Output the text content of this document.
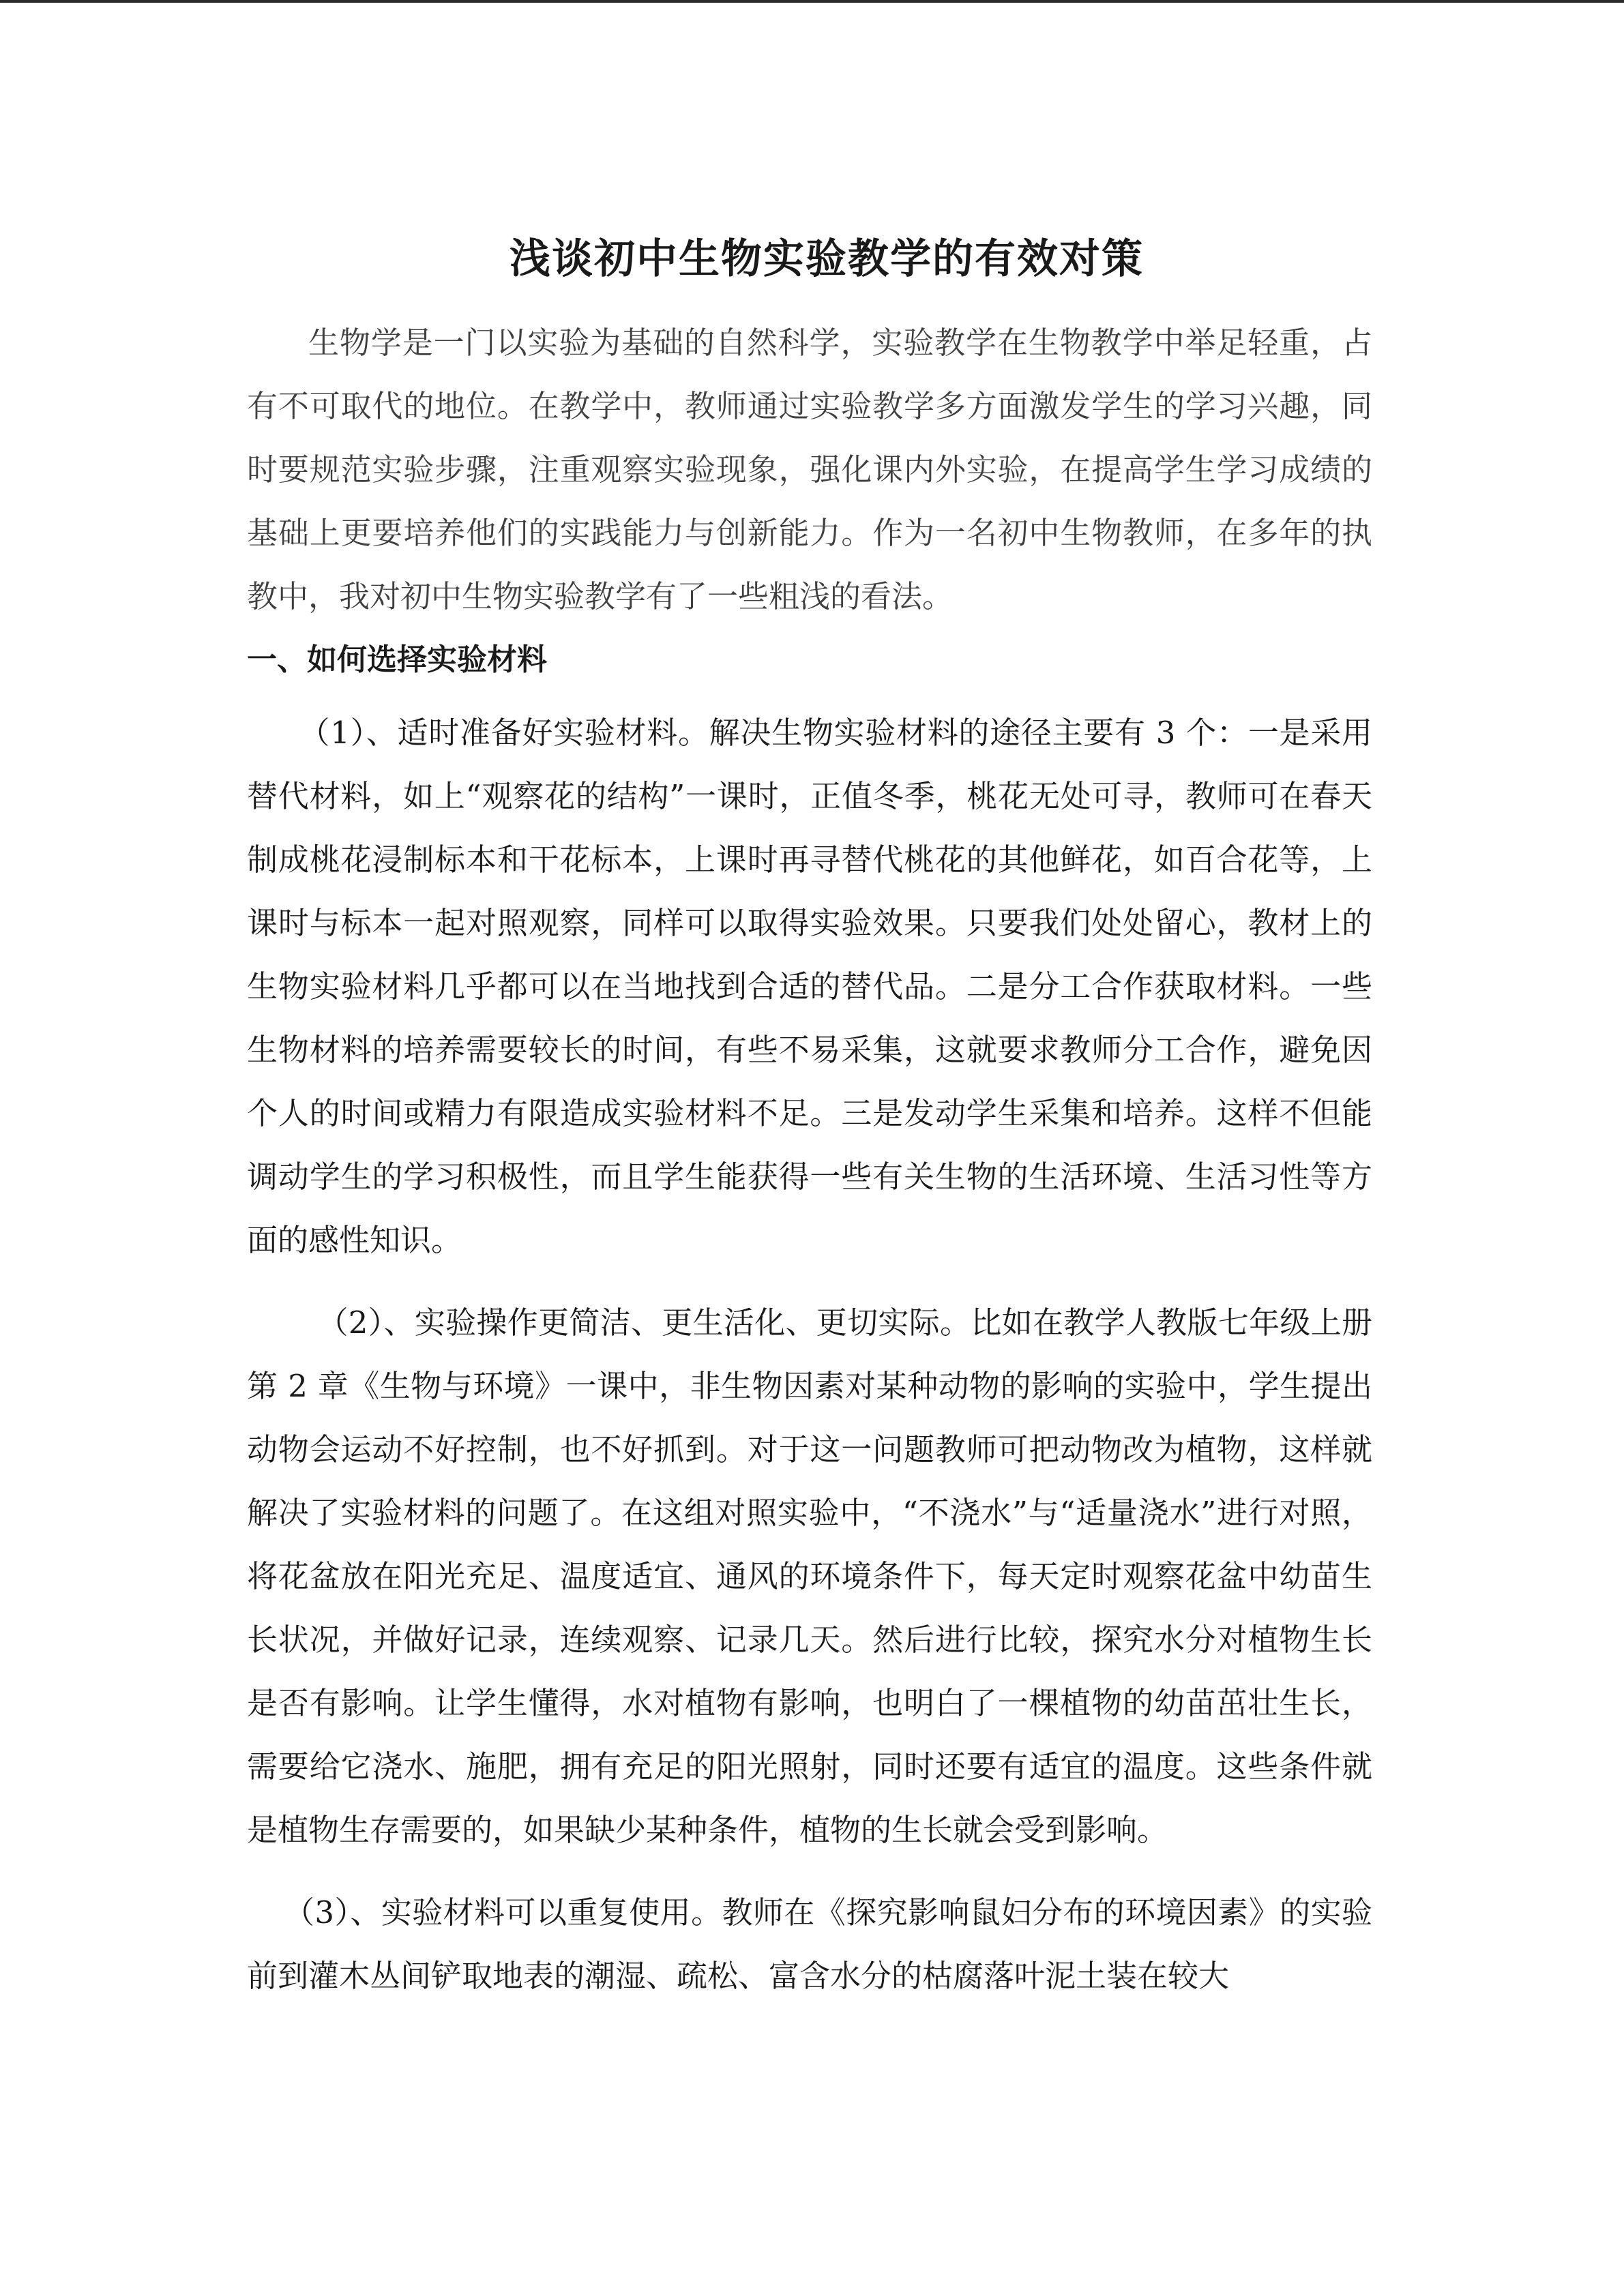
浅谈初中生物实验教学的有效对策

生物学是一门以实验为基础的自然科学，实验教学在生物教学中举足轻重，占有不可取代的地位。在教学中，教师通过实验教学多方面激发学生的学习兴趣，同时要规范实验步骤，注重观察实验现象，强化课内外实验，在提高学生学习成绩的基础上更要培养他们的实践能力与创新能力。作为一名初中生物教师，在多年的执教中，我对初中生物实验教学有了一些粗浅的看法。

一、如何选择实验材料

（1）、适时准备好实验材料。解决生物实验材料的途径主要有 3 个：一是采用替代材料，如上“观察花的结构”一课时，正值冬季，桃花无处可寻，教师可在春天制成桃花浸制标本和干花标本，上课时再寻替代桃花的其他鲜花，如百合花等，上课时与标本一起对照观察，同样可以取得实验效果。只要我们处处留心，教材上的生物实验材料几乎都可以在当地找到合适的替代品。二是分工合作获取材料。一些生物材料的培养需要较长的时间，有些不易采集，这就要求教师分工合作，避免因个人的时间或精力有限造成实验材料不足。三是发动学生采集和培养。这样不但能调动学生的学习积极性，而且学生能获得一些有关生物的生活环境、生活习性等方面的感性知识。

（2）、实验操作更简洁、更生活化、更切实际。比如在教学人教版七年级上册第 2 章《生物与环境》一课中，非生物因素对某种动物的影响的实验中，学生提出动物会运动不好控制，也不好抓到。对于这一问题教师可把动物改为植物，这样就解决了实验材料的问题了。在这组对照实验中，“不浇水”与“适量浇水”进行对照，将花盆放在阳光充足、温度适宜、通风的环境条件下，每天定时观察花盆中幼苗生长状况，并做好记录，连续观察、记录几天。然后进行比较，探究水分对植物生长是否有影响。让学生懂得，水对植物有影响，也明白了一棵植物的幼苗茁壮生长，需要给它浇水、施肥，拥有充足的阳光照射，同时还要有适宜的温度。这些条件就是植物生存需要的，如果缺少某种条件，植物的生长就会受到影响。

（3）、实验材料可以重复使用。教师在《探究影响鼠妇分布的环境因素》的实验前到灌木丛间铲取地表的潮湿、疏松、富含水分的枯腐落叶泥土装在较大
